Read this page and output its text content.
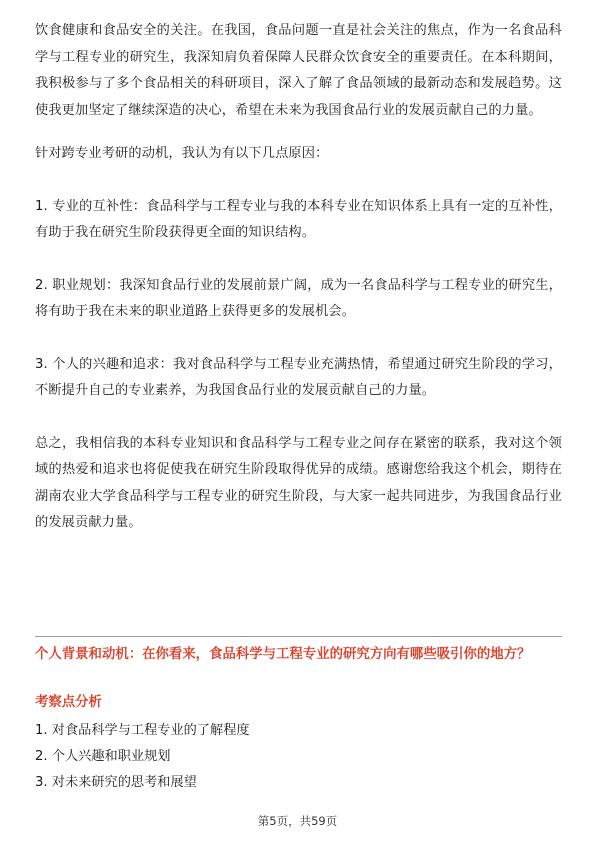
饮食健康和食品安全的关注。在我国，食品问题一直是社会关注的焦点，作为一名食品科学与工程专业的研究生，我深知肩负着保障人民群众饮食安全的重要责任。在本科期间，我积极参与了多个食品相关的科研项目，深入了解了食品领域的最新动态和发展趋势。这使我更加坚定了继续深造的决心，希望在未来为我国食品行业的发展贡献自己的力量。

针对跨专业考研的动机，我认为有以下几点原因：

1. 专业的互补性：食品科学与工程专业与我的本科专业在知识体系上具有一定的互补性，有助于我在研究生阶段获得更全面的知识结构。

2. 职业规划：我深知食品行业的发展前景广阔，成为一名食品科学与工程专业的研究生，将有助于我在未来的职业道路上获得更多的发展机会。

3. 个人的兴趣和追求：我对食品科学与工程专业充满热情，希望通过研究生阶段的学习，不断提升自己的专业素养，为我国食品行业的发展贡献自己的力量。

总之，我相信我的本科专业知识和食品科学与工程专业之间存在紧密的联系，我对这个领域的热爱和追求也将促使我在研究生阶段取得优异的成绩。感谢您给我这个机会，期待在湖南农业大学食品科学与工程专业的研究生阶段，与大家一起共同进步，为我国食品行业的发展贡献力量。

个人背景和动机：在你看来，食品科学与工程专业的研究方向有哪些吸引你的地方？

考察点分析

1. 对食品科学与工程专业的了解程度
2. 个人兴趣和职业规划
3. 对未来研究的思考和展望
第5页，共59页
